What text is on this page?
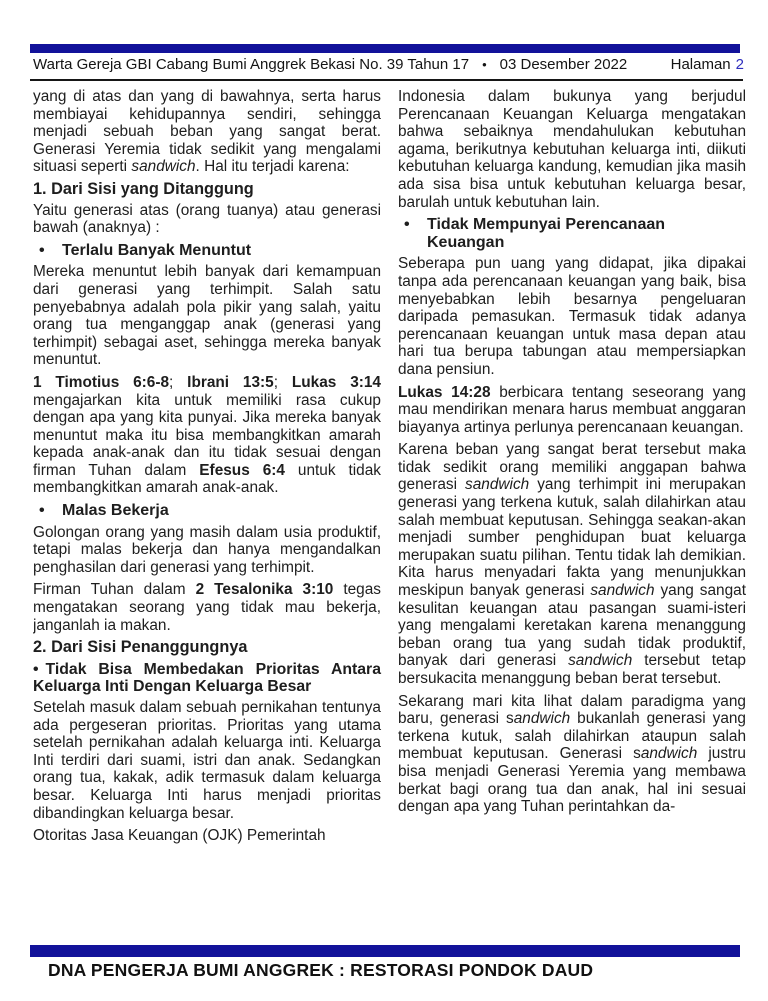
Warta Gereja GBI Cabang Bumi Anggrek Bekasi No. 39 Tahun 17 • 03 Desember 2022	Halaman 2
yang di atas dan yang di bawahnya, serta harus membiayai kehidupannya sendiri, sehingga menjadi sebuah beban yang sangat berat. Generasi Yeremia tidak sedikit yang mengalami situasi seperti sandwich. Hal itu terjadi karena:
1. Dari Sisi yang Ditanggung
Yaitu generasi atas (orang tuanya) atau generasi bawah (anaknya) :
• Terlalu Banyak Menuntut
Mereka menuntut lebih banyak dari kemampuan dari generasi yang terhimpit. Salah satu penyebabnya adalah pola pikir yang salah, yaitu orang tua menganggap anak (generasi yang terhimpit) sebagai aset, sehingga mereka banyak menuntut.
1 Timotius 6:6-8; Ibrani 13:5; Lukas 3:14 mengajarkan kita untuk memiliki rasa cukup dengan apa yang kita punyai. Jika mereka banyak menuntut maka itu bisa membangkitkan amarah kepada anak-anak dan itu tidak sesuai dengan firman Tuhan dalam Efesus 6:4 untuk tidak membangkitkan amarah anak-anak.
• Malas Bekerja
Golongan orang yang masih dalam usia produktif, tetapi malas bekerja dan hanya mengandalkan penghasilan dari generasi yang terhimpit.
Firman Tuhan dalam 2 Tesalonika 3:10 tegas mengatakan seorang yang tidak mau bekerja, janganlah ia makan.
2. Dari Sisi Penanggungnya
• Tidak Bisa Membedakan Prioritas Antara Keluarga Inti Dengan Keluarga Besar
Setelah masuk dalam sebuah pernikahan tentunya ada pergeseran prioritas. Prioritas yang utama setelah pernikahan adalah keluarga inti. Keluarga Inti terdiri dari suami, istri dan anak. Sedangkan orang tua, kakak, adik termasuk dalam keluarga besar. Keluarga Inti harus menjadi prioritas dibandingkan keluarga besar.
Otoritas Jasa Keuangan (OJK) Pemerintah
Indonesia dalam bukunya yang berjudul Perencanaan Keuangan Keluarga mengatakan bahwa sebaiknya mendahulukan kebutuhan agama, berikutnya kebutuhan keluarga inti, diikuti kebutuhan keluarga kandung, kemudian jika masih ada sisa bisa untuk kebutuhan keluarga besar, barulah untuk kebutuhan lain.
• Tidak Mempunyai Perencanaan Keuangan
Seberapa pun uang yang didapat, jika dipakai tanpa ada perencanaan keuangan yang baik, bisa menyebabkan lebih besarnya pengeluaran daripada pemasukan. Termasuk tidak adanya perencanaan keuangan untuk masa depan atau hari tua berupa tabungan atau mempersiapkan dana pensiun.
Lukas 14:28 berbicara tentang seseorang yang mau mendirikan menara harus membuat anggaran biayanya artinya perlunya perencanaan keuangan.
Karena beban yang sangat berat tersebut maka tidak sedikit orang memiliki anggapan bahwa generasi sandwich yang terhimpit ini merupakan generasi yang terkena kutuk, salah dilahirkan atau salah membuat keputusan. Sehingga seakan-akan menjadi sumber penghidupan buat keluarga merupakan suatu pilihan. Tentu tidak lah demikian. Kita harus menyadari fakta yang menunjukkan meskipun banyak generasi sandwich yang sangat kesulitan keuangan atau pasangan suami-isteri yang mengalami keretakan karena menanggung beban orang tua yang sudah tidak produktif, banyak dari generasi sandwich tersebut tetap bersukacita menanggung beban berat tersebut.
Sekarang mari kita lihat dalam paradigma yang baru, generasi sandwich bukanlah generasi yang terkena kutuk, salah dilahirkan ataupun salah membuat keputusan. Generasi sandwich justru bisa menjadi Generasi Yeremia yang membawa berkat bagi orang tua dan anak, hal ini sesuai dengan apa yang Tuhan perintahkan da-
DNA PENGERJA BUMI ANGGREK : RESTORASI PONDOK DAUD
